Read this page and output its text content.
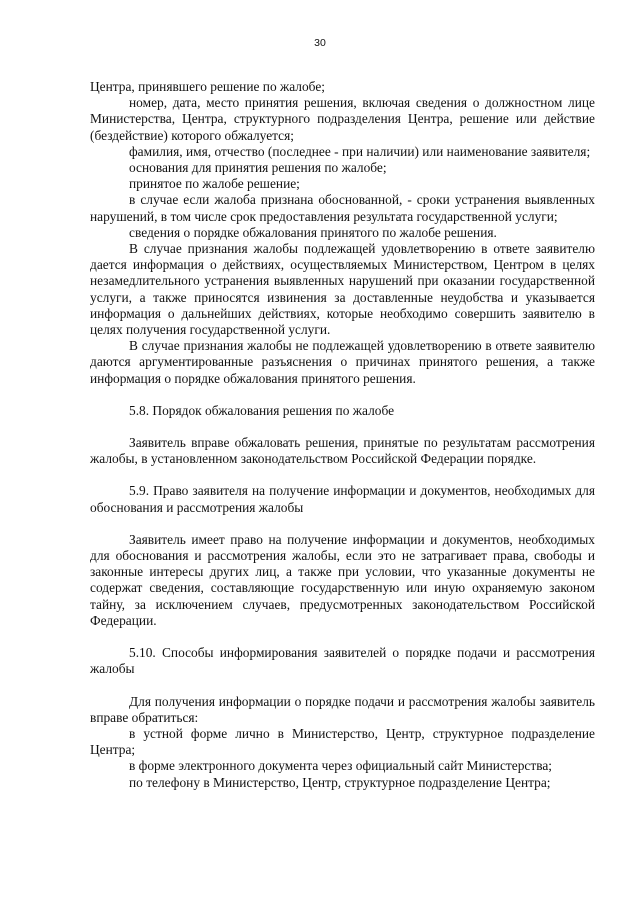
30

Центра, принявшего решение по жалобе;

номер, дата, место принятия решения, включая сведения о должностном лице Министерства, Центра, структурного подразделения Центра, решение или действие (бездействие) которого обжалуется;

фамилия, имя, отчество (последнее - при наличии) или наименование заявителя;

основания для принятия решения по жалобе;

принятое по жалобе решение;

в случае если жалоба признана обоснованной, - сроки устранения выявленных нарушений, в том числе срок предоставления результата государственной услуги;

сведения о порядке обжалования принятого по жалобе решения.

В случае признания жалобы подлежащей удовлетворению в ответе заявителю дается информация о действиях, осуществляемых Министерством, Центром в целях незамедлительного устранения выявленных нарушений при оказании государственной услуги, а также приносятся извинения за доставленные неудобства и указывается информация о дальнейших действиях, которые необходимо совершить заявителю в целях получения государственной услуги.

В случае признания жалобы не подлежащей удовлетворению в ответе заявителю даются аргументированные разъяснения о причинах принятого решения, а также информация о порядке обжалования принятого решения.

5.8. Порядок обжалования решения по жалобе

Заявитель вправе обжаловать решения, принятые по результатам рассмотрения жалобы, в установленном законодательством Российской Федерации порядке.

5.9. Право заявителя на получение информации и документов, необходимых для обоснования и рассмотрения жалобы

Заявитель имеет право на получение информации и документов, необходимых для обоснования и рассмотрения жалобы, если это не затрагивает права, свободы и законные интересы других лиц, а также при условии, что указанные документы не содержат сведения, составляющие государственную или иную охраняемую законом тайну, за исключением случаев, предусмотренных законодательством Российской Федерации.

5.10. Способы информирования заявителей о порядке подачи и рассмотрения жалобы

Для получения информации о порядке подачи и рассмотрения жалобы заявитель вправе обратиться:

в устной форме лично в Министерство, Центр, структурное подразделение Центра;

в форме электронного документа через официальный сайт Министерства;

по телефону в Министерство, Центр, структурное подразделение Центра;
